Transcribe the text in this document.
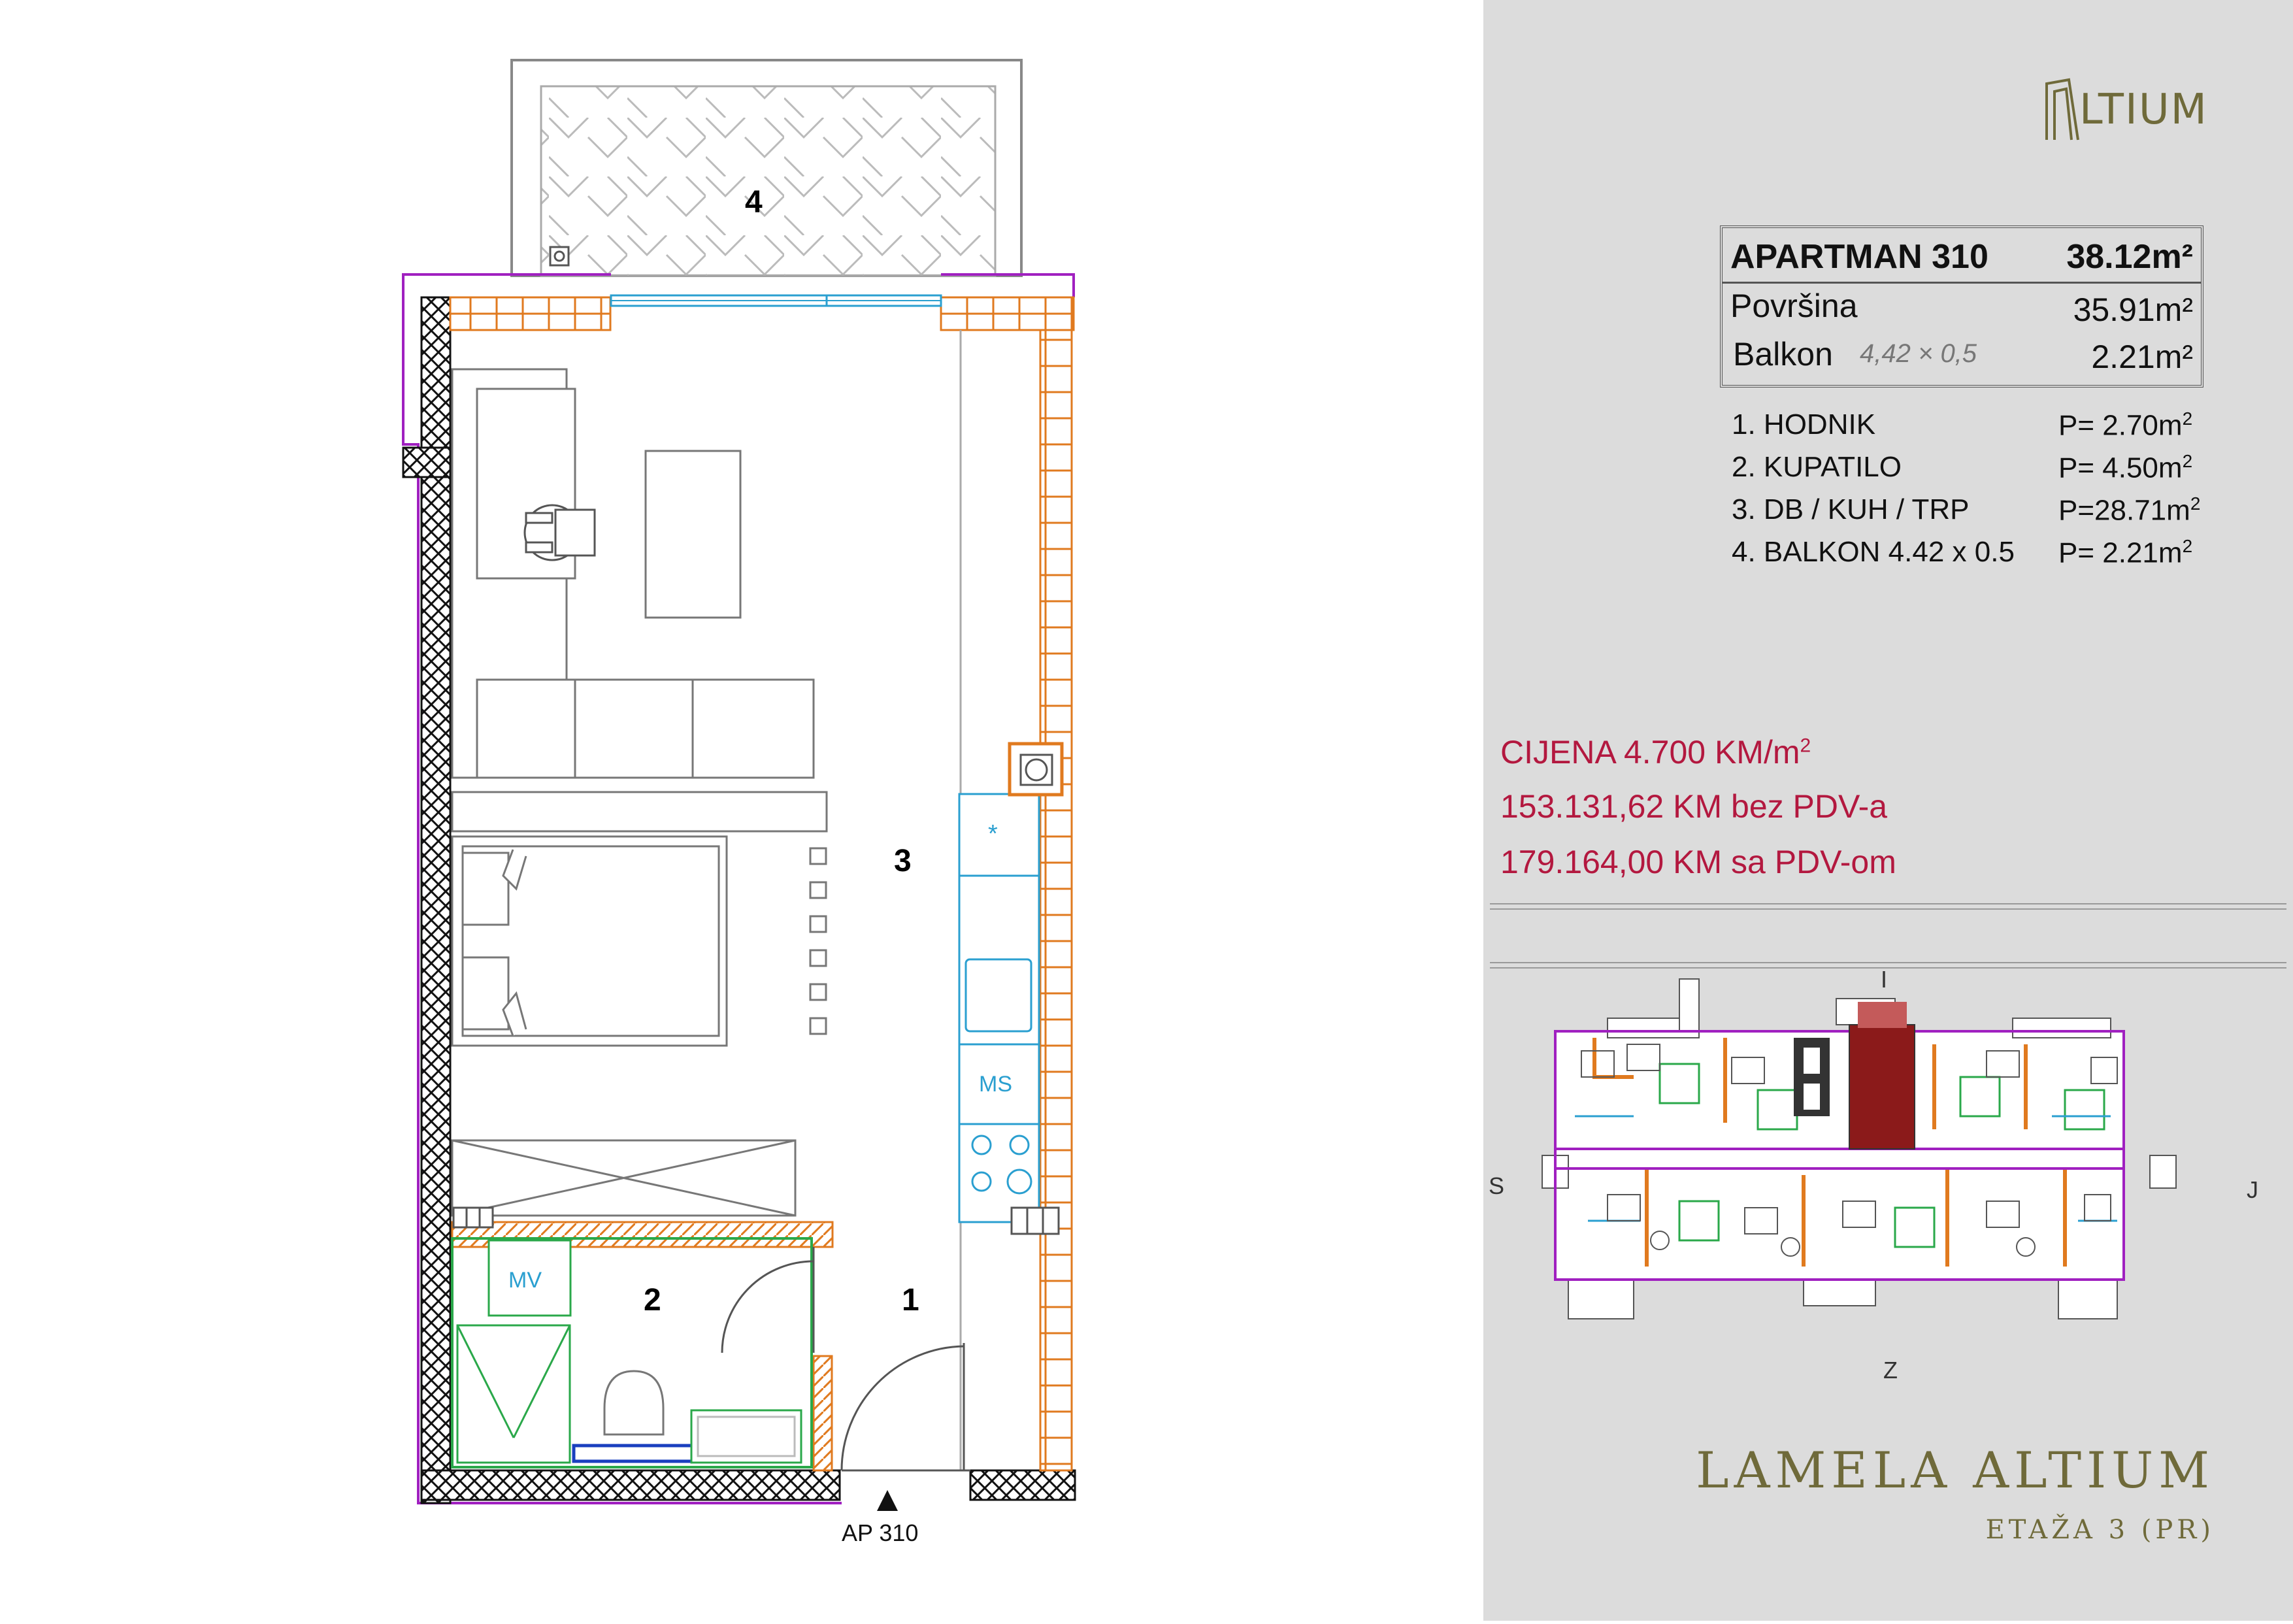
4
3
2	1
MV
MS
*
AP 310
LTIUM
APARTMAN 310 38.12m²
Površina	35.91m²
Balkon 4,42 × 0,5	2.21m²
1. HODNIK	$P= 2.70m^2$
2. KUPATILO	$P= 4.50m^2$
3. DB / KUH / TRP	$P=28.71m^2$
4. BALKON 4.42 x 0.5 $P= 2.21m^2$
CIJENA 4.700 $KM/m^2$
153.131,62 KM bez PDV-a
179.164,00 KM sa PDV-om
I
S	J
Z
LAMELA ALTIUM
ETAŽA 3 (PR)
